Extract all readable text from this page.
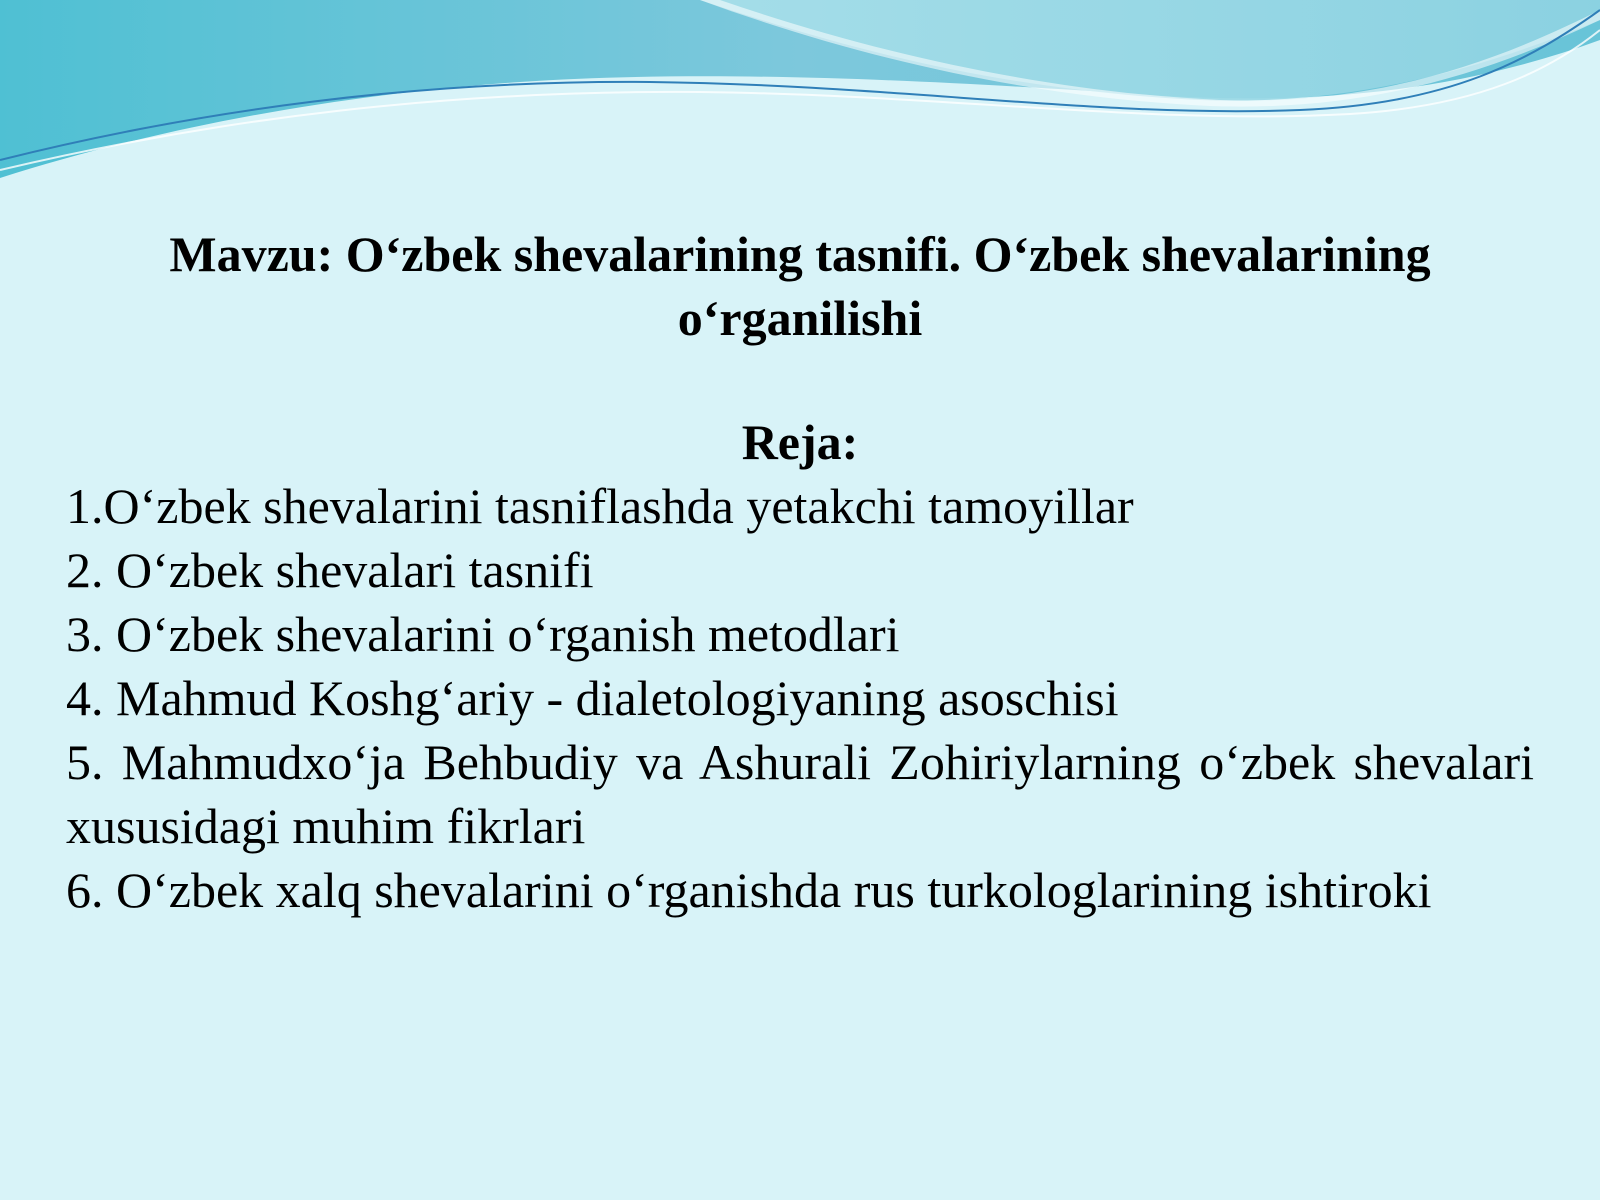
Mavzu: O‘zbek shevalarining tasnifi. O‘zbek shevalarining o‘rganilishi
Reja:
1.O‘zbek shevalarini tasniflashda yetakchi tamoyillar
2. O‘zbek shevalari tasnifi
3. O‘zbek shevalarini o‘rganish metodlari
4. Mahmud Koshg‘ariy - dialetologiyaning asoschisi
5. Mahmudxo‘ja Behbudiy va Ashurali Zohiriylarning o‘zbek shevalari xususidagi muhim fikrlari
6. O‘zbek xalq shevalarini o‘rganishda rus turkologlarining ishtiroki
